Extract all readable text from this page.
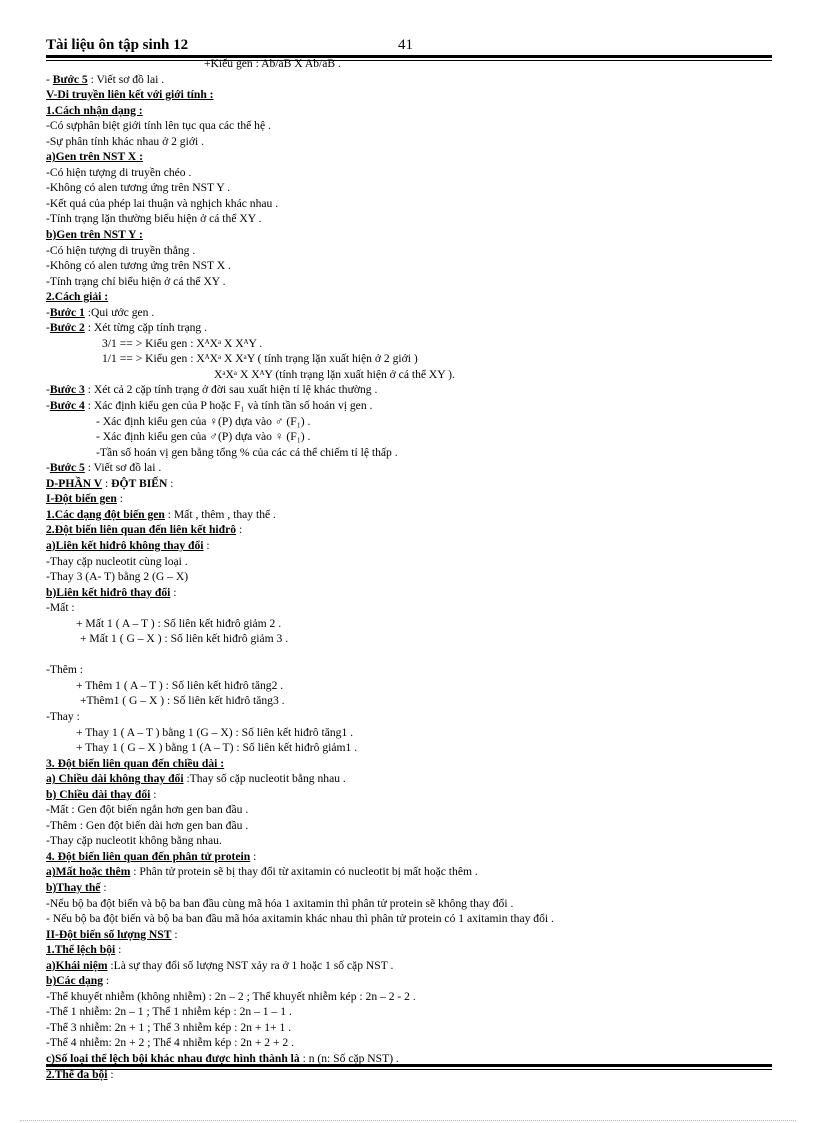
Tài liệu ôn tập sinh 12	41
+Kiểu gen : Ab/aB X Ab/aB .
- Bước 5 : Viết sơ đồ lai .
V-Di truyền liên kết với giới tính :
1.Cách nhận dạng :
-Có sựphân biệt giới tính lên tục qua các thế hệ .
-Sự phân tính khác nhau ở 2 giới .
a)Gen trên NST X :
-Có hiện tượng di truyền chéo .
-Không có alen tương ứng trên NST Y .
-Kết quả của phép lai thuận và nghịch khác nhau .
-Tính trạng lặn thường biểu hiện ở cá thể XY .
b)Gen trên NST Y :
-Có hiện tượng di truyền thẳng .
-Không có alen tương ứng trên NST X .
-Tính trạng chỉ biểu hiện ở cá thể XY .
2.Cách giải :
-Bước 1 :Qui ước gen .
-Bước 2 : Xét từng cặp tính trạng .
3/1 == > Kiểu gen : XᴬXᵃ X XᴬY .
1/1 == > Kiểu gen : XᴬXᵃ X XᵃY ( tính trạng lặn xuất hiện ở 2 giới )
XᵃXᵃ X XᴬY (tính trạng lặn xuất hiện ở cá thể XY ).
-Bước 3 : Xét cả 2 cặp tính trạng ở đời sau xuất hiện tỉ lệ khác thường .
-Bước 4 : Xác định kiểu gen của P hoặc F₁ và tính tần số hoán vị gen .
- Xác định kiểu gen của ♀(P) dựa vào ♂ (F₁) .
- Xác định kiểu gen của ♂(P) dựa vào ♀ (F₁) .
-Tần số hoán vị gen bằng tổng % của các cá thể chiếm tỉ lệ thấp .
-Bước 5 : Viết sơ đồ lai .
D-PHẦN V : ĐỘT BIẾN :
I-Đột biến gen :
1.Các dạng đột biến gen : Mất , thêm , thay thế .
2.Đột biến liên quan đến liên kết hiđrô :
a)Liên kết hiđrô không thay đổi :
-Thay cặp nucleotit cùng loại .
-Thay 3 (A- T) bằng 2 (G – X)
b)Liên kết hiđrô thay đổi :
-Mất :
+ Mất 1 ( A – T ) : Số liên kết hiđrô giảm 2 .
+ Mất 1 ( G – X ) : Số liên kết hiđrô giảm 3 .
-Thêm :
+ Thêm 1 ( A – T ) : Số liên kết hiđrô tăng2 .
+Thêm1 ( G – X ) : Số liên kết hiđrô tăng3 .
-Thay :
+ Thay 1 ( A – T ) bằng 1 (G – X) : Số liên kết hiđrô tăng1 .
+ Thay 1 ( G – X ) bằng 1 (A – T) : Số liên kết hiđrô giảm1 .
3. Đột biến liên quan đến chiều dài :
a) Chiều dài không thay đổi :Thay số cặp nucleotit bằng nhau .
b) Chiều dài thay đổi :
-Mất : Gen đột biến ngắn hơn gen ban đầu .
-Thêm : Gen đột biến dài hơn gen ban đầu .
-Thay cặp nucleotit không bằng nhau.
4. Đột biến liên quan đến phân tử protein :
a)Mất hoặc thêm : Phân tử protein sẽ bị thay đổi từ axitamin có nucleotit bị mất hoặc thêm .
b)Thay thế :
-Nếu bộ ba đột biến và bộ ba ban đầu cùng mã hóa 1 axitamin thì phân tử protein sẽ không thay đổi .
- Nếu bộ ba đột biến và bộ ba ban đầu mã hóa axitamin khác nhau thì phân tử protein có 1 axitamin thay đổi .
II-Đột biến số lượng NST :
1.Thể lệch bội :
a)Khái niệm :Là sự thay đổi số lượng NST xảy ra ở 1 hoặc 1 số cặp NST .
b)Các dạng :
-Thể khuyết nhiễm (không nhiễm) : 2n – 2 ; Thể khuyết nhiễm kép : 2n – 2 - 2 .
-Thể 1 nhiễm: 2n – 1 ; Thể 1 nhiễm kép : 2n – 1 – 1 .
-Thể 3 nhiễm: 2n + 1 ; Thể 3 nhiễm kép : 2n + 1+ 1 .
-Thể 4 nhiễm: 2n + 2 ; Thể 4 nhiễm kép : 2n + 2 + 2 .
c)Số loại thể lệch bội khác nhau được hình thành là : n (n: Số cặp NST) .
2.Thể đa bội :
